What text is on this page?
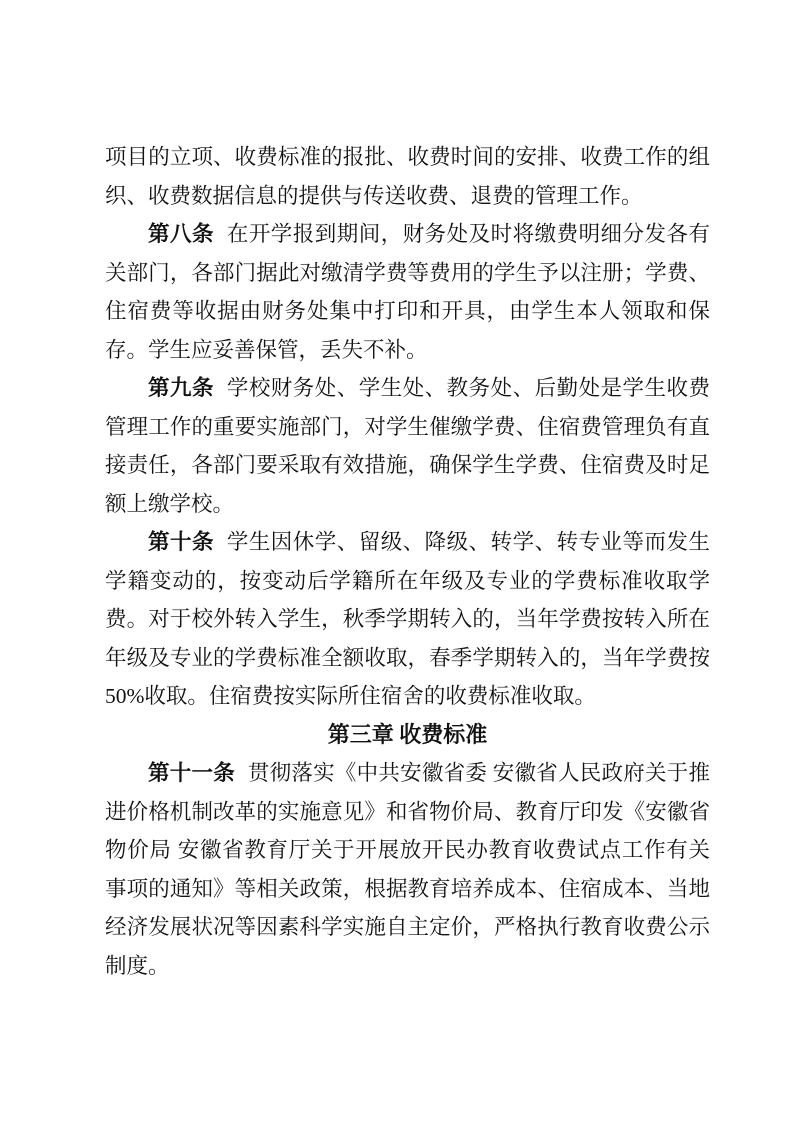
项目的立项、收费标准的报批、收费时间的安排、收费工作的组织、收费数据信息的提供与传送收费、退费的管理工作。

第八条 在开学报到期间，财务处及时将缴费明细分发各有关部门，各部门据此对缴清学费等费用的学生予以注册；学费、住宿费等收据由财务处集中打印和开具，由学生本人领取和保存。学生应妥善保管，丢失不补。

第九条 学校财务处、学生处、教务处、后勤处是学生收费管理工作的重要实施部门，对学生催缴学费、住宿费管理负有直接责任，各部门要采取有效措施，确保学生学费、住宿费及时足额上缴学校。

第十条 学生因休学、留级、降级、转学、转专业等而发生学籍变动的，按变动后学籍所在年级及专业的学费标准收取学费。对于校外转入学生，秋季学期转入的，当年学费按转入所在年级及专业的学费标准全额收取，春季学期转入的，当年学费按 50%收取。住宿费按实际所住宿舍的收费标准收取。

第三章 收费标准

第十一条 贯彻落实《中共安徽省委 安徽省人民政府关于推进价格机制改革的实施意见》和省物价局、教育厅印发《安徽省物价局 安徽省教育厅关于开展放开民办教育收费试点工作有关事项的通知》等相关政策，根据教育培养成本、住宿成本、当地经济发展状况等因素科学实施自主定价，严格执行教育收费公示制度。
